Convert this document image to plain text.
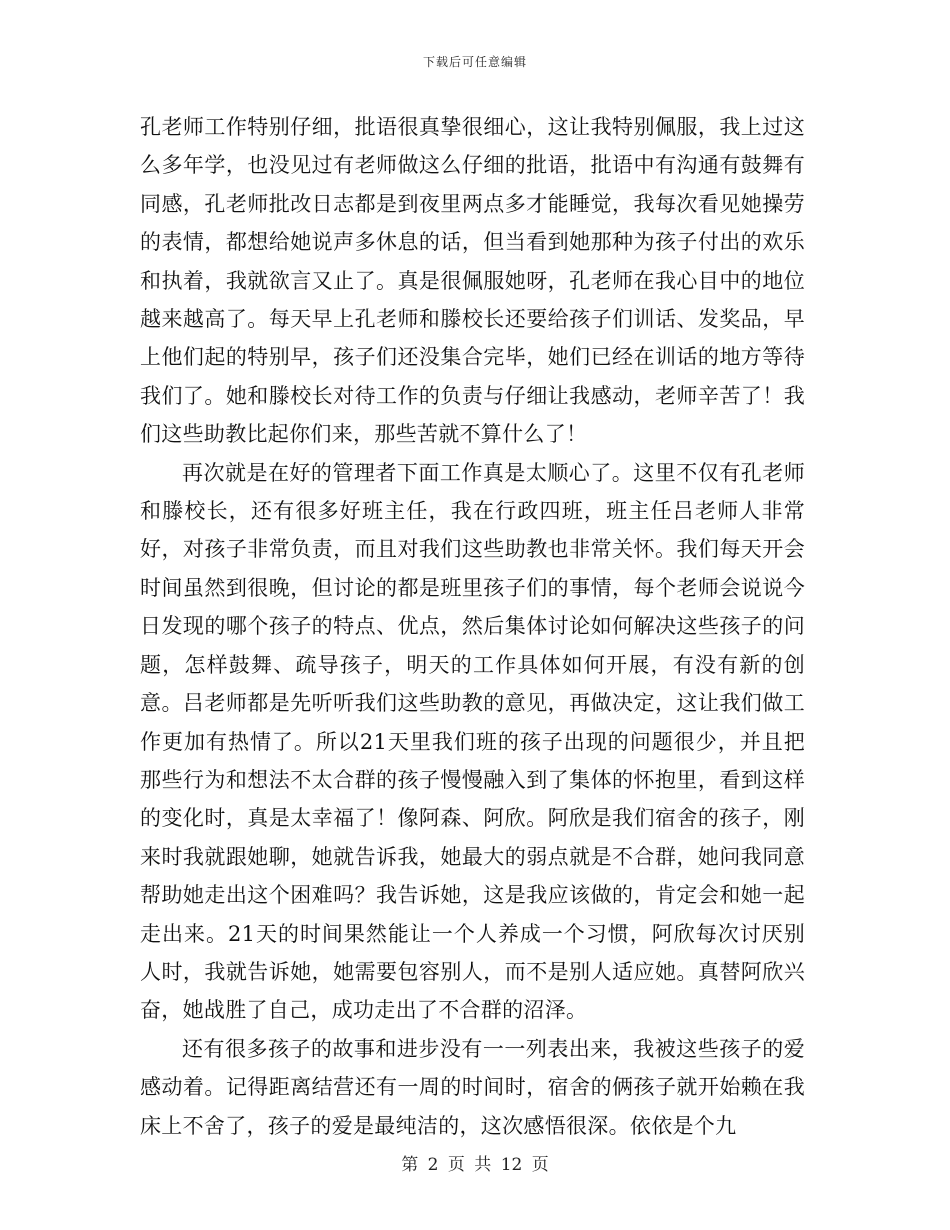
下载后可任意编辑

孔老师工作特别仔细，批语很真挚很细心，这让我特别佩服，我上过这么多年学，也没见过有老师做这么仔细的批语，批语中有沟通有鼓舞有同感，孔老师批改日志都是到夜里两点多才能睡觉，我每次看见她操劳的表情，都想给她说声多休息的话，但当看到她那种为孩子付出的欢乐和执着，我就欲言又止了。真是很佩服她呀，孔老师在我心目中的地位越来越高了。每天早上孔老师和滕校长还要给孩子们训话、发奖品，早上他们起的特别早，孩子们还没集合完毕，她们已经在训话的地方等待我们了。她和滕校长对待工作的负责与仔细让我感动，老师辛苦了！我们这些助教比起你们来，那些苦就不算什么了！

再次就是在好的管理者下面工作真是太顺心了。这里不仅有孔老师和滕校长，还有很多好班主任，我在行政四班，班主任吕老师人非常好，对孩子非常负责，而且对我们这些助教也非常关怀。我们每天开会时间虽然到很晚，但讨论的都是班里孩子们的事情，每个老师会说说今日发现的哪个孩子的特点、优点，然后集体讨论如何解决这些孩子的问题，怎样鼓舞、疏导孩子，明天的工作具体如何开展，有没有新的创意。吕老师都是先听听我们这些助教的意见，再做决定，这让我们做工作更加有热情了。所以21天里我们班的孩子出现的问题很少，并且把那些行为和想法不太合群的孩子慢慢融入到了集体的怀抱里，看到这样的变化时，真是太幸福了！像阿森、阿欣。阿欣是我们宿舍的孩子，刚来时我就跟她聊，她就告诉我，她最大的弱点就是不合群，她问我同意帮助她走出这个困难吗？我告诉她，这是我应该做的，肯定会和她一起走出来。21天的时间果然能让一个人养成一个习惯，阿欣每次讨厌别人时，我就告诉她，她需要包容别人，而不是别人适应她。真替阿欣兴奋，她战胜了自己，成功走出了不合群的沼泽。

还有很多孩子的故事和进步没有一一列表出来，我被这些孩子的爱感动着。记得距离结营还有一周的时间时，宿舍的俩孩子就开始赖在我床上不舍了，孩子的爱是最纯洁的，这次感悟很深。依依是个九

第 2 页 共 12 页
